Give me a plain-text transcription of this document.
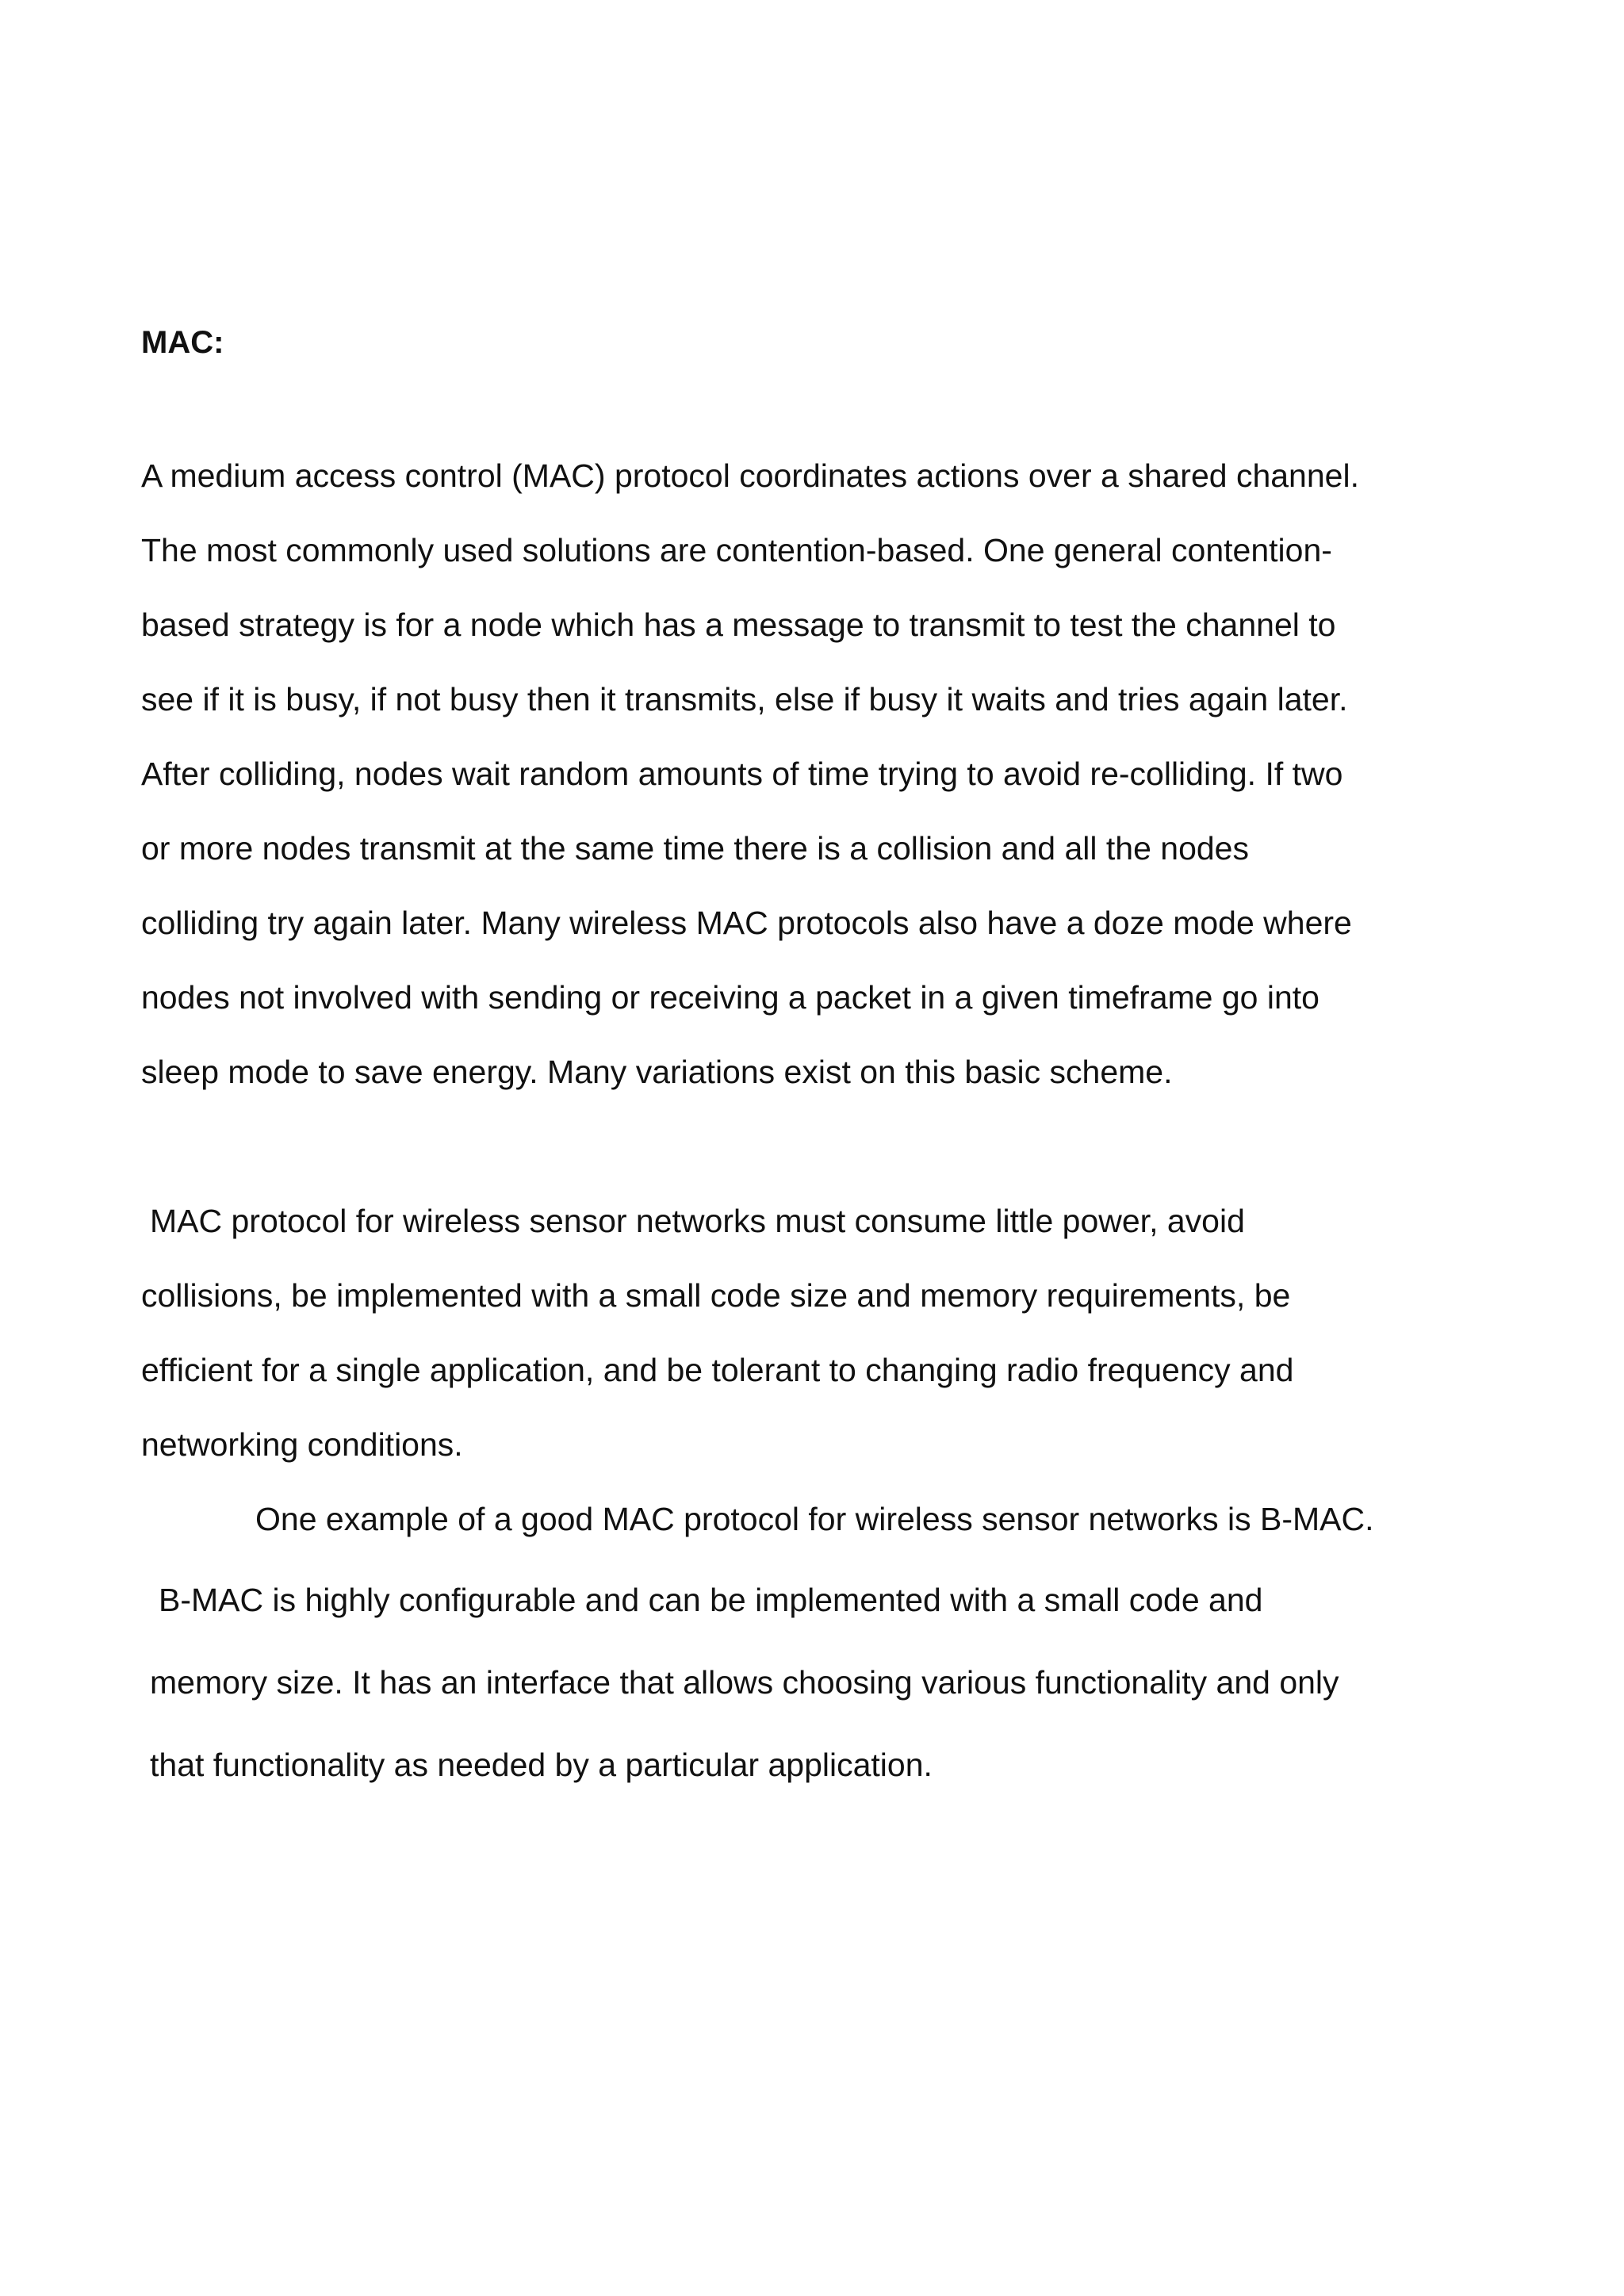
MAC:

A medium access control (MAC) protocol coordinates actions over a shared channel.

The most commonly used solutions are contention-based. One general contention-

based strategy is for a node which has a message to transmit to test the channel to

see if it is busy, if not busy then it transmits, else if busy it waits and tries again later.

After colliding, nodes wait random amounts of time trying to avoid re-colliding. If two

or more nodes transmit at the same time there is a collision and all the nodes

colliding try again later. Many wireless MAC protocols also have a doze mode where

nodes not involved with sending or receiving a packet in a given timeframe go into

sleep mode to save energy. Many variations exist on this basic scheme.

MAC protocol for wireless sensor networks must consume little power, avoid

collisions, be implemented with a small code size and memory requirements, be

efficient for a single application, and be tolerant to changing radio frequency and

networking conditions.

One example of a good MAC protocol for wireless sensor networks is B-MAC.

B-MAC is highly configurable and can be implemented with a small code and

memory size. It has an interface that allows choosing various functionality and only

that functionality as needed by a particular application.
